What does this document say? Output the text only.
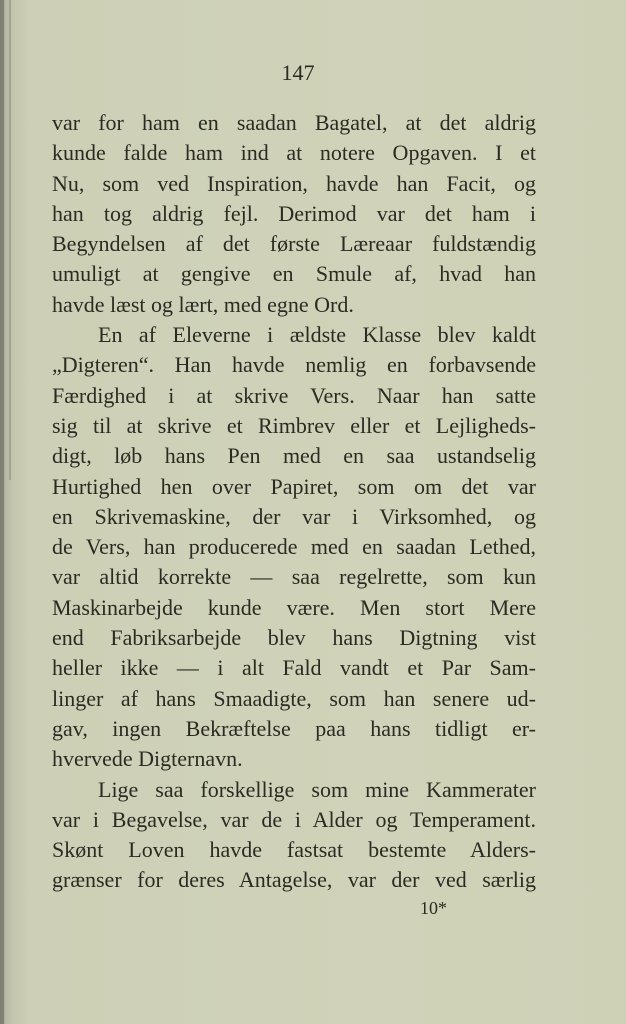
147
var for ham en saadan Bagatel, at det aldrig
kunde falde ham ind at notere Opgaven. I et
Nu, som ved Inspiration, havde han Facit, og
han tog aldrig fejl. Derimod var det ham i
Begyndelsen af det første Læreaar fuldstændig
umuligt at gengive en Smule af, hvad han
havde læst og lært, med egne Ord.
En af Eleverne i ældste Klasse blev kaldt
„Digteren“. Han havde nemlig en forbavsende
Færdighed i at skrive Vers. Naar han satte
sig til at skrive et Rimbrev eller et Lejligheds-
digt, løb hans Pen med en saa ustandselig
Hurtighed hen over Papiret, som om det var
en Skrivemaskine, der var i Virksomhed, og
de Vers, han producerede med en saadan Lethed,
var altid korrekte — saa regelrette, som kun
Maskinarbejde kunde være. Men stort Mere
end Fabriksarbejde blev hans Digtning vist
heller ikke — i alt Fald vandt et Par Sam-
linger af hans Smaadigte, som han senere ud-
gav, ingen Bekræftelse paa hans tidligt er-
hvervede Digternavn.
Lige saa forskellige som mine Kammerater
var i Begavelse, var de i Alder og Temperament.
Skønt Loven havde fastsat bestemte Alders-
grænser for deres Antagelse, var der ved særlig
10*
